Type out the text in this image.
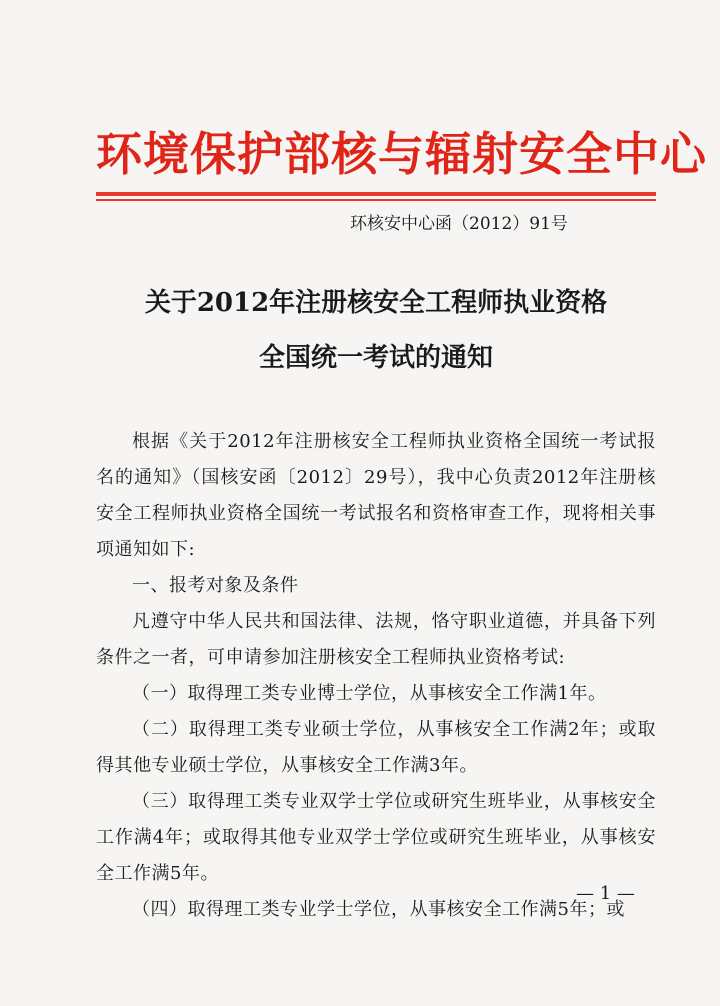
环境保护部核与辐射安全中心
环核安中心函（2012）91号
关于2012年注册核安全工程师执业资格
全国统一考试的通知

根据《关于2012年注册核安全工程师执业资格全国统一考试报名的通知》（国核安函〔2012〕29号），我中心负责2012年注册核安全工程师执业资格全国统一考试报名和资格审查工作，现将相关事项通知如下:

一、报考对象及条件

凡遵守中华人民共和国法律、法规，恪守职业道德，并具备下列条件之一者，可申请参加注册核安全工程师执业资格考试:

（一）取得理工类专业博士学位，从事核安全工作满1年。

（二）取得理工类专业硕士学位，从事核安全工作满2年；或取得其他专业硕士学位，从事核安全工作满3年。

（三）取得理工类专业双学士学位或研究生班毕业，从事核安全工作满4年；或取得其他专业双学士学位或研究生班毕业，从事核安全工作满5年。

（四）取得理工类专业学士学位，从事核安全工作满5年；或

— 1 —
